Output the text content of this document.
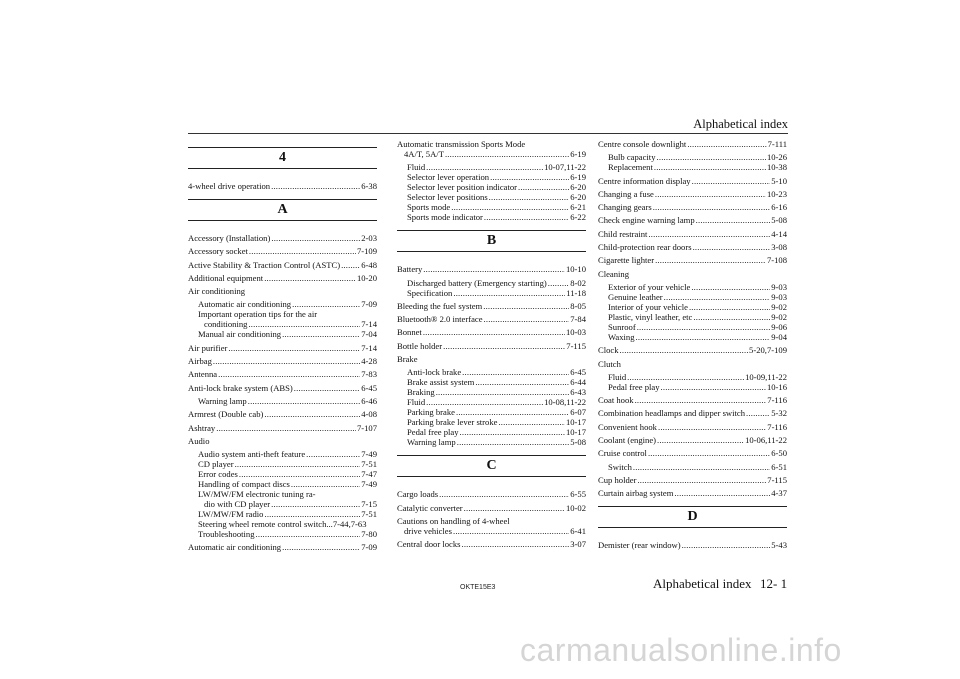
Alphabetical index
4
4-wheel drive operation .....	6-38
A
Accessory (Installation) .....	2-03
Accessory socket .....	7-109
Active Stability & Traction Control (ASTC) ..... 6-48
Additional equipment .....	10-20
Air conditioning
Automatic air conditioning .....	7-09
Important operation tips for the air
conditioning .....	7-14
Manual air conditioning .....	7-04
Air purifier .....	7-14
Airbag .....	4-28
Antenna .....	7-83
Anti-lock brake system (ABS) .....	6-45
Warning lamp .....	6-46
Armrest (Double cab) .....	4-08
Ashtray .....	7-107
Audio
Audio system anti-theft feature .....	7-49
CD player .....	7-51
Error codes .....	7-47
Handling of compact discs .....	7-49
LW/MW/FM electronic tuning ra-
dio with CD player .....	7-15
LW/MW/FM radio .....	7-51
Steering wheel remote control switch...7-44,7-63
Troubleshooting .....	7-80
Automatic air conditioning .....	7-09
Automatic transmission Sports Mode
4A/T, 5A/T .....	6-19
Fluid .....	10-07,11-22
Selector lever operation .....	6-19
Selector lever position indicator .....	6-20
Selector lever positions .....	6-20
Sports mode .....	6-21
Sports mode indicator .....	6-22
B
Battery .....	10-10
Discharged battery (Emergency starting) .....	8-02
Specification .....	11-18
Bleeding the fuel system .....	8-05
Bluetooth® 2.0 interface .....	7-84
Bonnet .....	10-03
Bottle holder .....	7-115
Brake
Anti-lock brake .....	6-45
Brake assist system .....	6-44
Braking .....	6-43
Fluid .....	10-08,11-22
Parking brake .....	6-07
Parking brake lever stroke .....	10-17
Pedal free play .....	10-17
Warning lamp .....	5-08
C
Cargo loads .....	6-55
Catalytic converter .....	10-02
Cautions on handling of 4-wheel
drive vehicles .....	6-41
Central door locks .....	3-07
Centre console downlight .....	7-111
Bulb capacity .....	10-26
Replacement .....	10-38
Centre information display .....	5-10
Changing a fuse .....	10-23
Changing gears .....	6-16
Check engine warning lamp .....	5-08
Child restraint .....	4-14
Child-protection rear doors .....	3-08
Cigarette lighter .....	7-108
Cleaning
Exterior of your vehicle .....	9-03
Genuine leather .....	9-03
Interior of your vehicle .....	9-02
Plastic, vinyl leather, etc .....	9-02
Sunroof .....	9-06
Waxing .....	9-04
Clock .....	5-20,7-109
Clutch
Fluid .....	10-09,11-22
Pedal free play .....	10-16
Coat hook .....	7-116
Combination headlamps and dipper switch .....	5-32
Convenient hook .....	7-116
Coolant (engine) .....	10-06,11-22
Cruise control .....	6-50
Switch .....	6-51
Cup holder .....	7-115
Curtain airbag system .....	4-37
D
Demister (rear window) .....	5-43
OKTE15E3	Alphabetical index 12- 1
carmanualsonline.info
